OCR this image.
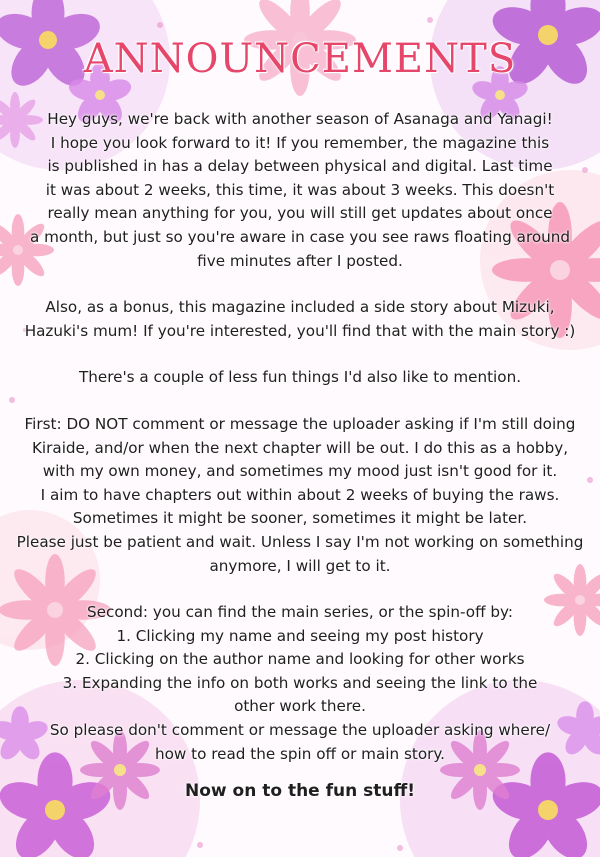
ANNOUNCEMENTS
Hey guys, we're back with another season of Asanaga and Yanagi!
I hope you look forward to it! If you remember, the magazine this
is published in has a delay between physical and digital. Last time
it was about 2 weeks, this time, it was about 3 weeks. This doesn't
really mean anything for you, you will still get updates about once
a month, but just so you're aware in case you see raws floating around
five minutes after I posted.
Also, as a bonus, this magazine included a side story about Mizuki,
Hazuki's mum! If you're interested, you'll find that with the main story :)
There's a couple of less fun things I'd also like to mention.
First: DO NOT comment or message the uploader asking if I'm still doing
Kiraide, and/or when the next chapter will be out. I do this as a hobby,
with my own money, and sometimes my mood just isn't good for it.
I aim to have chapters out within about 2 weeks of buying the raws.
Sometimes it might be sooner, sometimes it might be later.
Please just be patient and wait. Unless I say I'm not working on something
anymore, I will get to it.
Second: you can find the main series, or the spin-off by:
1. Clicking my name and seeing my post history
2. Clicking on the author name and looking for other works
3. Expanding the info on both works and seeing the link to the
other work there.
So please don't comment or message the uploader asking where/
how to read the spin off or main story.
Now on to the fun stuff!
